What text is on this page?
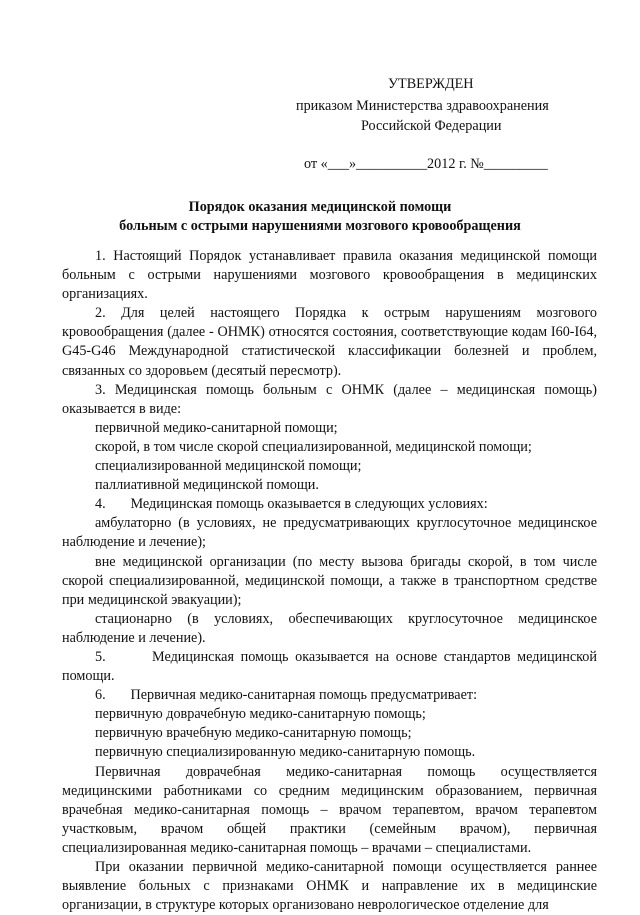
УТВЕРЖДЕН
приказом Министерства здравоохранения
Российской Федерации
от «___»__________2012 г. №_________
Порядок оказания медицинской помощи
больным с острыми нарушениями мозгового кровообращения

1. Настоящий Порядок устанавливает правила оказания медицинской помощи больным с острыми нарушениями мозгового кровообращения в медицинских организациях.

2. Для целей настоящего Порядка к острым нарушениям мозгового кровообращения (далее - ОНМК) относятся состояния, соответствующие кодам I60-I64, G45-G46 Международной статистической классификации болезней и проблем, связанных со здоровьем (десятый пересмотр).

3. Медицинская помощь больным с ОНМК (далее – медицинская помощь) оказывается в виде:

первичной медико-санитарной помощи;

скорой, в том числе скорой специализированной, медицинской помощи;

специализированной медицинской помощи;

паллиативной медицинской помощи.

4.       Медицинская помощь оказывается в следующих условиях:

амбулаторно (в условиях, не предусматривающих круглосуточное медицинское наблюдение и лечение);

вне медицинской организации (по месту вызова бригады скорой, в том числе скорой специализированной, медицинской помощи, а также в транспортном средстве при медицинской эвакуации);

стационарно (в условиях, обеспечивающих круглосуточное медицинское наблюдение и лечение).

5.       Медицинская помощь оказывается на основе стандартов медицинской помощи.

6.       Первичная медико-санитарная помощь предусматривает:

первичную доврачебную медико-санитарную помощь;

первичную врачебную медико-санитарную помощь;

первичную специализированную медико-санитарную помощь.

Первичная доврачебная медико-санитарная помощь осуществляется медицинскими работниками со средним медицинским образованием, первичная врачебная медико-санитарная помощь – врачом терапевтом, врачом терапевтом участковым, врачом общей практики (семейным врачом), первичная специализированная медико-санитарная помощь – врачами – специалистами.

При оказании первичной медико-санитарной помощи осуществляется раннее выявление больных с признаками ОНМК и направление их в медицинские организации, в структуре которых организовано неврологическое отделение для
